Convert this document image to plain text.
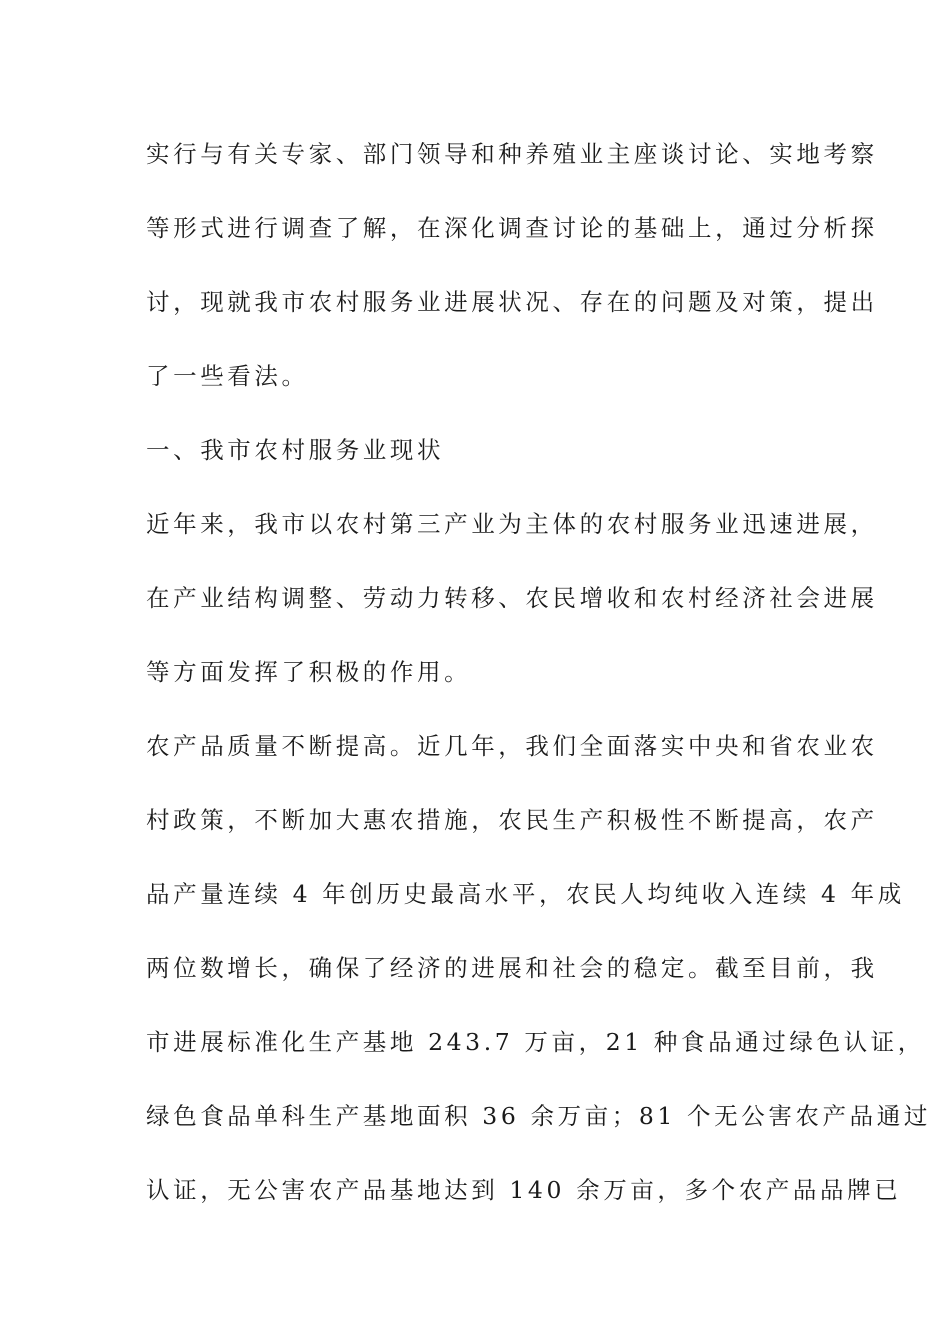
实行与有关专家、部门领导和种养殖业主座谈讨论、实地考察
等形式进行调查了解，在深化调查讨论的基础上，通过分析探
讨，现就我市农村服务业进展状况、存在的问题及对策，提出
了一些看法。
一、我市农村服务业现状
近年来，我市以农村第三产业为主体的农村服务业迅速进展，
在产业结构调整、劳动力转移、农民增收和农村经济社会进展
等方面发挥了积极的作用。
农产品质量不断提高。近几年，我们全面落实中央和省农业农
村政策，不断加大惠农措施，农民生产积极性不断提高，农产
品产量连续 4 年创历史最高水平，农民人均纯收入连续 4 年成
两位数增长，确保了经济的进展和社会的稳定。截至目前，我
市进展标准化生产基地 243.7 万亩，21 种食品通过绿色认证，
绿色食品单科生产基地面积 36 余万亩；81 个无公害农产品通过
认证，无公害农产品基地达到 140 余万亩，多个农产品品牌已
